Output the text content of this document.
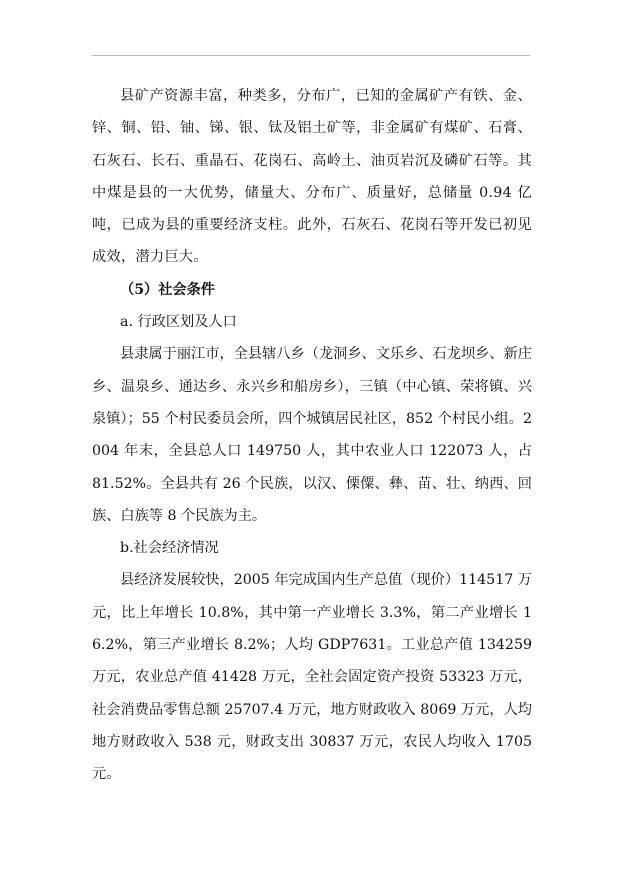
县矿产资源丰富，种类多，分布广，已知的金属矿产有铁、金、锌、铜、铅、铀、锑、银、钛及铝土矿等，非金属矿有煤矿、石膏、石灰石、长石、重晶石、花岗石、高岭土、油页岩沉及磷矿石等。其中煤是县的一大优势，储量大、分布广、质量好，总储量 0.94 亿吨，已成为县的重要经济支柱。此外，石灰石、花岗石等开发已初见成效，潜力巨大。

（5）社会条件

a. 行政区划及人口

县隶属于丽江市，全县辖八乡（龙洞乡、文乐乡、石龙坝乡、新庄乡、温泉乡、通达乡、永兴乡和船房乡），三镇（中心镇、荣将镇、兴泉镇）；55 个村民委员会所，四个城镇居民社区，852 个村民小组。2004 年末，全县总人口 149750 人，其中农业人口 122073 人，占 81.52%。全县共有 26 个民族，以汉、傈僳、彝、苗、壮、纳西、回族、白族等 8 个民族为主。

b.社会经济情况

县经济发展较快，2005 年完成国内生产总值（现价）114517 万元，比上年增长 10.8%，其中第一产业增长 3.3%，第二产业增长 16.2%，第三产业增长 8.2%；人均 GDP7631。工业总产值 134259 万元，农业总产值 41428 万元，全社会固定资产投资 53323 万元，社会消费品零售总额 25707.4 万元，地方财政收入 8069 万元，人均地方财政收入 538 元，财政支出 30837 万元，农民人均收入 1705 元。
